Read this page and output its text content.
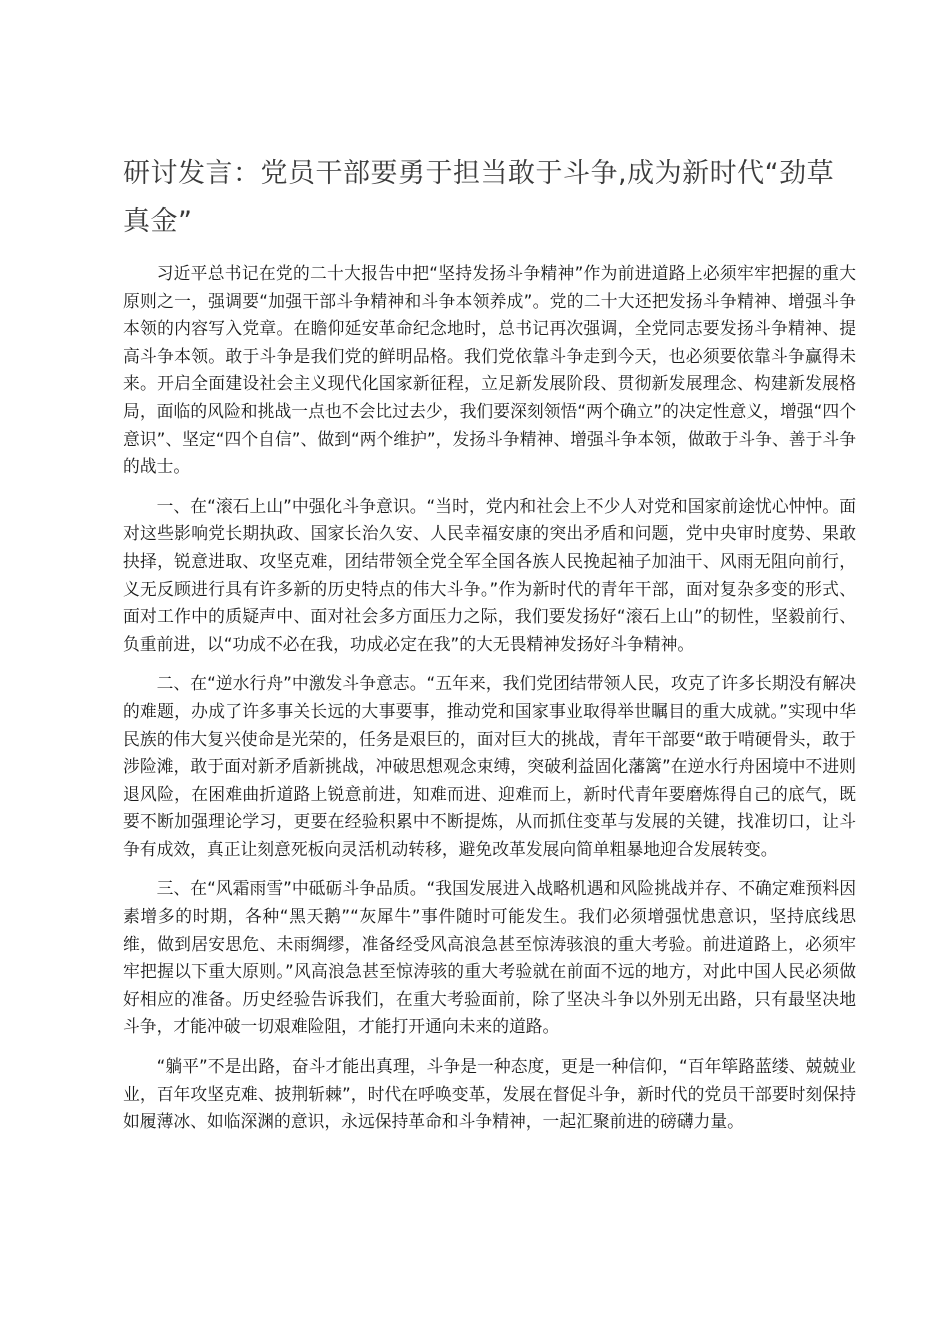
研讨发言：党员干部要勇于担当敢于斗争,成为新时代“劲草真金”

习近平总书记在党的二十大报告中把“坚持发扬斗争精神”作为前进道路上必须牢牢把握的重大原则之一，强调要“加强干部斗争精神和斗争本领养成”。党的二十大还把发扬斗争精神、增强斗争本领的内容写入党章。在瞻仰延安革命纪念地时，总书记再次强调，全党同志要发扬斗争精神、提高斗争本领。敢于斗争是我们党的鲜明品格。我们党依靠斗争走到今天，也必须要依靠斗争赢得未来。开启全面建设社会主义现代化国家新征程，立足新发展阶段、贯彻新发展理念、构建新发展格局，面临的风险和挑战一点也不会比过去少，我们要深刻领悟“两个确立”的决定性意义，增强“四个意识”、坚定“四个自信”、做到“两个维护”，发扬斗争精神、增强斗争本领，做敢于斗争、善于斗争的战士。

一、在“滚石上山”中强化斗争意识。“当时，党内和社会上不少人对党和国家前途忧心忡忡。面对这些影响党长期执政、国家长治久安、人民幸福安康的突出矛盾和问题，党中央审时度势、果敢抉择，锐意进取、攻坚克难，团结带领全党全军全国各族人民挽起袖子加油干、风雨无阻向前行，义无反顾进行具有许多新的历史特点的伟大斗争。”作为新时代的青年干部，面对复杂多变的形式、面对工作中的质疑声中、面对社会多方面压力之际，我们要发扬好“滚石上山”的韧性，坚毅前行、负重前进，以“功成不必在我，功成必定在我”的大无畏精神发扬好斗争精神。

二、在“逆水行舟”中激发斗争意志。“五年来，我们党团结带领人民，攻克了许多长期没有解决的难题，办成了许多事关长远的大事要事，推动党和国家事业取得举世瞩目的重大成就。”实现中华民族的伟大复兴使命是光荣的，任务是艰巨的，面对巨大的挑战，青年干部要“敢于啃硬骨头，敢于涉险滩，敢于面对新矛盾新挑战，冲破思想观念束缚，突破利益固化藩篱”在逆水行舟困境中不进则退风险，在困难曲折道路上锐意前进，知难而进、迎难而上，新时代青年要磨炼得自己的底气，既要不断加强理论学习，更要在经验积累中不断提炼，从而抓住变革与发展的关键，找准切口，让斗争有成效，真正让刻意死板向灵活机动转移，避免改革发展向简单粗暴地迎合发展转变。

三、在“风霜雨雪”中砥砺斗争品质。“我国发展进入战略机遇和风险挑战并存、不确定难预料因素增多的时期，各种“黑天鹅”“灰犀牛”事件随时可能发生。我们必须增强忧患意识，坚持底线思维，做到居安思危、未雨绸缪，准备经受风高浪急甚至惊涛骇浪的重大考验。前进道路上，必须牢牢把握以下重大原则。”风高浪急甚至惊涛骇的重大考验就在前面不远的地方，对此中国人民必须做好相应的准备。历史经验告诉我们，在重大考验面前，除了坚决斗争以外别无出路，只有最坚决地斗争，才能冲破一切艰难险阻，才能打开通向未来的道路。

“躺平”不是出路，奋斗才能出真理，斗争是一种态度，更是一种信仰，“百年筚路蓝缕、兢兢业业，百年攻坚克难、披荆斩棘”，时代在呼唤变革，发展在督促斗争，新时代的党员干部要时刻保持如履薄冰、如临深渊的意识，永远保持革命和斗争精神，一起汇聚前进的磅礴力量。
